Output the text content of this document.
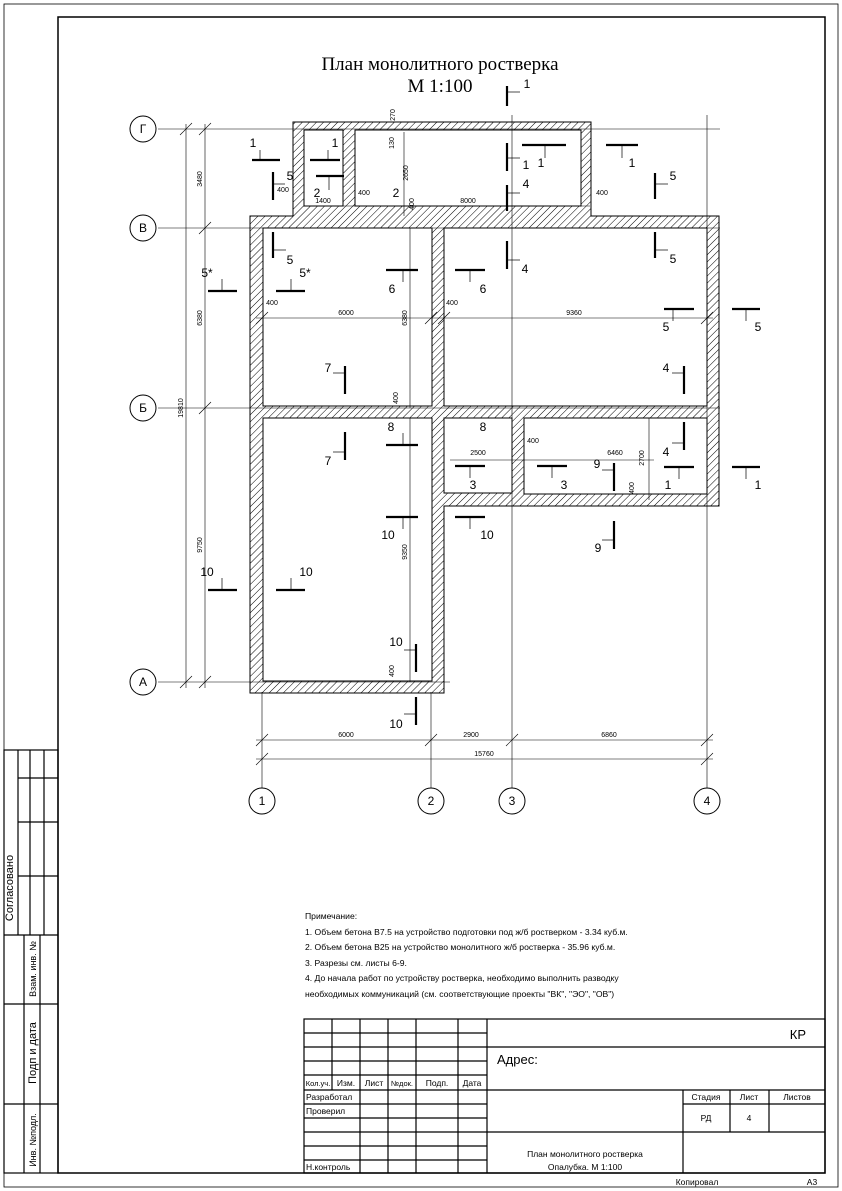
Г
В
Б
А
1	2	3	4
19810
3480
6380
9750
6000	2900	6860
15760
6000	9360
8000
1400
400	400	400
400	400
400
2500	6460 2700
6380
9350
270
130
2650
400
400
400
400
1
1	1
1 1	1
5
2	2
4
5
5
4
5
5*	5*
6	6
5	5
7	4
8	8
7
4
9
3	3	1	1
10	10
9
10	10
10
10
Согласовано
Взам. инв. №
Подп и дата
Инв. №подл.
КР
Адрес:
Кол.уч. Изм. Лист №док. Подп. Дата
Разработал
Проверил
Н.контроль
Стадия Лист	Листов
РД	4
План монолитного ростверка
Опалубка. М 1:100
Копировал	А3
План монолитного ростверка
М 1:100
Примечание:
1. Объем бетона В7.5 на устройство подготовки под ж/б ростверком - 3.34 куб.м.
2. Объем бетона В25 на устройство монолитного ж/б ростверка - 35.96 куб.м.
3. Разрезы см. листы 6-9.
4. До начала работ по устройству ростверка, необходимо выполнить разводку
необходимых коммуникаций (см. соответствующие проекты "ВК", "ЭО", "ОВ")
